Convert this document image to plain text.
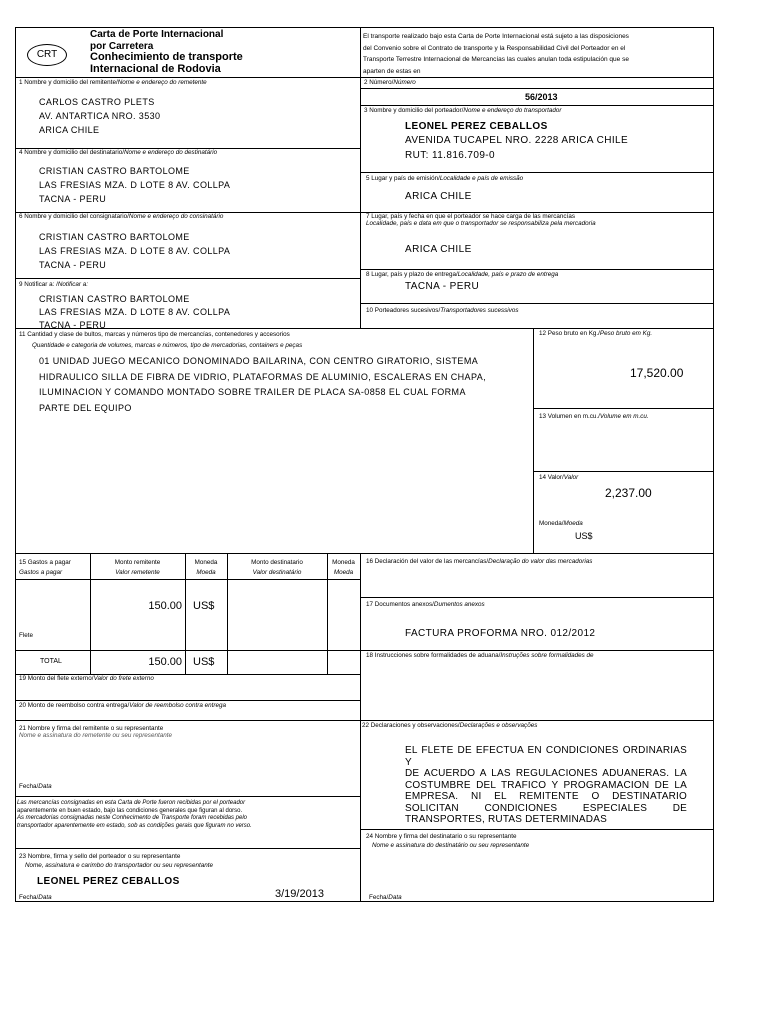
CRT
Carta de Porte Internacional
por Carretera
Conhecimiento de transporte
Internacional de Rodovia
El transporte realizado bajo esta Carta de Porte Internacional está sujeto a las disposiciones
del Convenio sobre el Contrato de transporte y la Responsabilidad Civil del Porteador en el
Transporte Terrestre Internacional de Mercancías las cuales anulan toda estipulación que se
aparten de estas en
1 Nombre y domicilio del remitente/Nome e endereço do remetente
CARLOS CASTRO PLETS
AV. ANTARTICA NRO. 3530
ARICA CHILE
2 Número/Número
56/2013
3 Nombre y domicilio del porteador/Nome e endereço do transportador
LEONEL PEREZ CEBALLOS
AVENIDA TUCAPEL NRO. 2228 ARICA CHILE
RUT: 11.816.709-0
4 Nombre y domicilio del destinatario/Nome e endereço do destinatário
CRISTIAN CASTRO BARTOLOME
LAS FRESIAS MZA. D LOTE 8 AV. COLLPA
TACNA - PERU
5 Lugar y país de emisión/Localidade e país de emissão
ARICA CHILE
6 Nombre y domicilio del consignatario/Nome e endereço do consinatário
CRISTIAN CASTRO BARTOLOME
LAS FRESIAS MZA. D LOTE 8 AV. COLLPA
TACNA - PERU
7 Lugar, país y fecha en que el porteador se hace carga de las mercancías
Localidade, país e data em que o transportador se responsabiliza pela mercadoria
ARICA CHILE
8 Lugar, país y plazo de entrega/Localidade, país e prazo de entrega
TACNA - PERU
9 Notificar a: /Notificar a:
CRISTIAN CASTRO BARTOLOME
LAS FRESIAS MZA. D LOTE 8 AV. COLLPA
TACNA - PERU
10 Porteadores sucesivos/Transportadores sucessivos
11 Cantidad y clase de bultos, marcas y números tipo de mercancías, contenedores y accesorios
Quantidade e categoria de volumes, marcas e números, tipo de mercadorias, containers e peças
01 UNIDAD JUEGO MECANICO DONOMINADO BAILARINA, CON CENTRO GIRATORIO, SISTEMA
HIDRAULICO SILLA DE FIBRA DE VIDRIO, PLATAFORMAS DE ALUMINIO, ESCALERAS EN CHAPA,
ILUMINACION Y COMANDO MONTADO SOBRE TRAILER DE PLACA SA-0858 EL CUAL FORMA
PARTE DEL EQUIPO
12 Peso bruto en Kg./Peso bruto em Kg.
17,520.00
13 Volumen en m.cu./Volume em m.cu.
14 Valor/Valor
2,237.00
Moneda/Moeda
US$
15 Gastos a pagar
Gastos a pagar
Monto remitente
Valor remetente
Moneda
Moeda
Monto destinatario
Valor destinatário
Moneda
Moeda
Flete
150.00 US$
TOTAL	150.00 US$
16 Declaración del valor de las mercancías/Declaração do valor das mercadorias
17 Documentos anexos/Dumentos anexos
FACTURA PROFORMA NRO. 012/2012
18 Instrucciones sobre formalidades de aduana/Instruções sobre formalidades de
19 Monto del flete externo/Valor do frete externo
20 Monto de reembolso contra entrega/Valor de reembolso contra entrega
21 Nombre y firma del remitente o su representante
Nome e assinatura do remetente ou seu representante
Fecha/Data
Las mercancías consignadas en esta Carta de Porte fueron recibidas por el porteador
aparentemente en buen estado, bajo las condiciones generales que figuran al dorso.
As mercadorias consignadas neste Conhecimento de Transporte foram recebidas pelo
transportador aparentemente em estado, sob as condições gerais que figuram no verso.
23 Nombre, firma y sello del porteador o su representante
Nome, assinatura e carimbo do transportador ou seu representante
LEONEL PEREZ CEBALLOS
3/19/2013
Fecha/Data
22 Declaraciones y observaciones/Declarações e observações
EL FLETE DE EFECTUA EN CONDICIONES ORDINARIAS Y
DE ACUERDO A LAS REGULACIONES ADUANERAS. LA
COSTUMBRE DEL TRAFICO Y PROGRAMACION DE LA
EMPRESA. NI EL REMITENTE O DESTINATARIO
SOLICITAN CONDICIONES ESPECIALES DE
TRANSPORTES, RUTAS DETERMINADAS
24 Nombre y firma del destinatario o su representante
Nome e assinatura do destinatário ou seu representante
Fecha/Data
